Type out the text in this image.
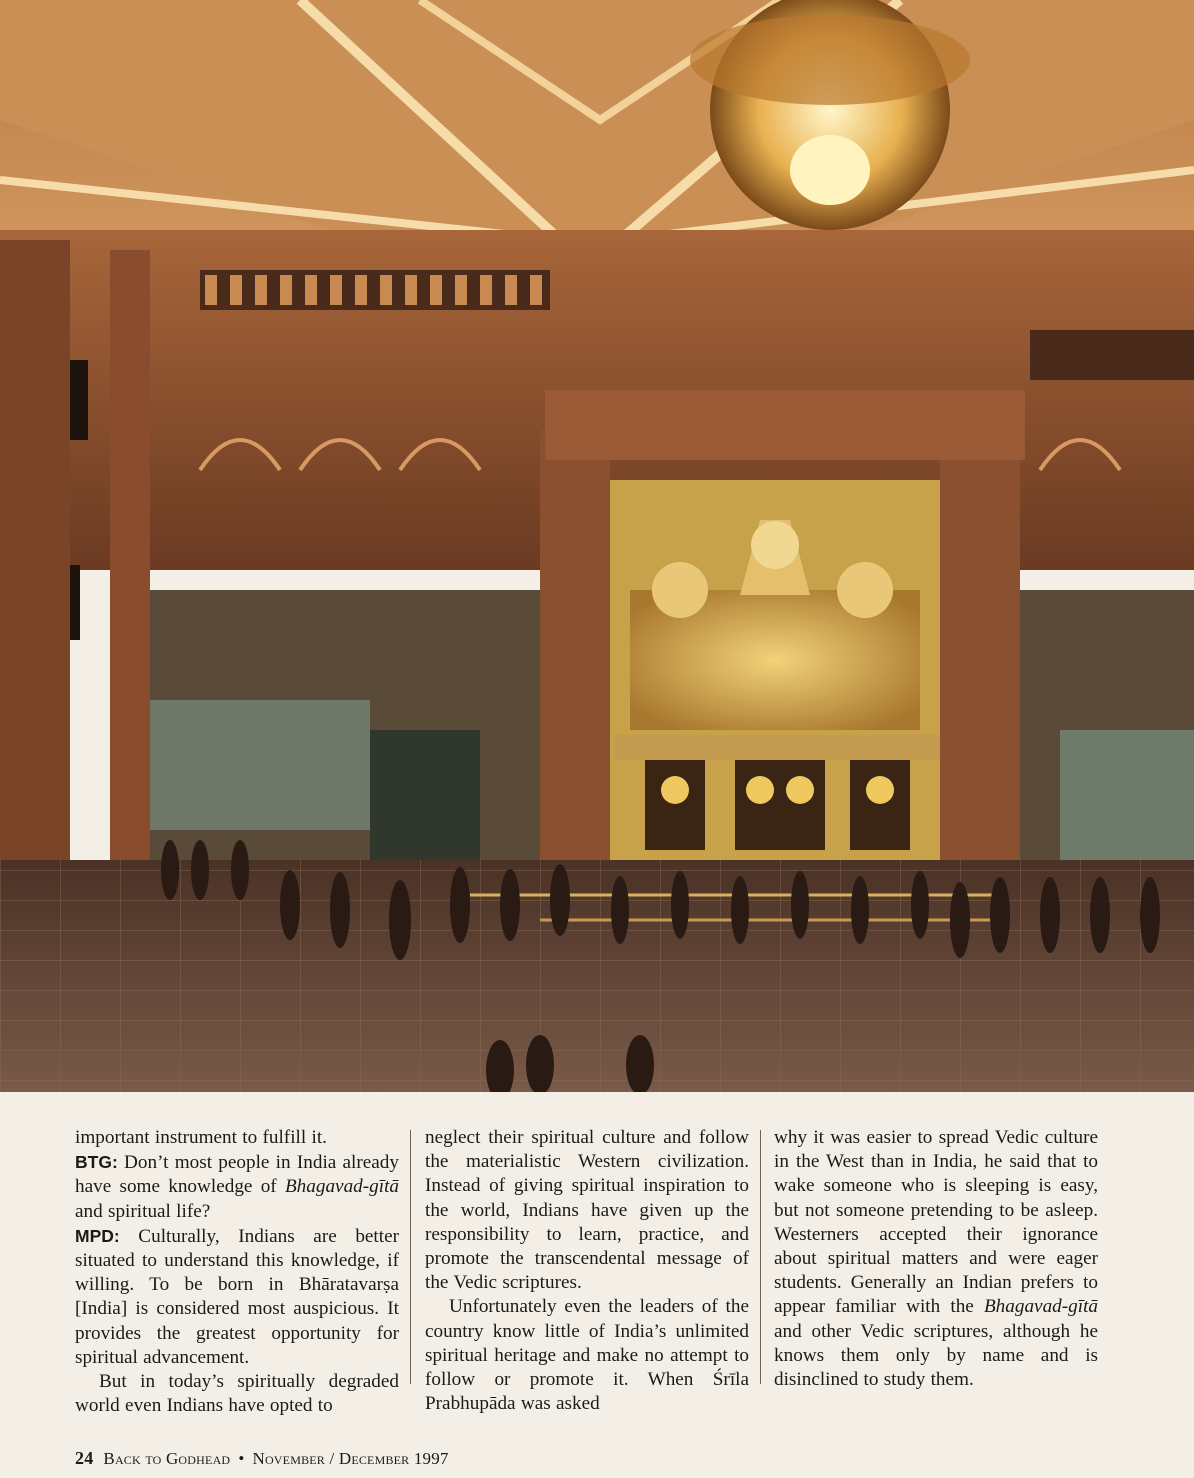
important instrument to fulfill it.

BTG: Don’t most people in India already have some knowledge of Bhagavad-gītā and spiritual life?

MPD: Culturally, Indians are better situated to understand this knowledge, if willing. To be born in Bhāratavarṣa [India] is considered most auspicious. It provides the greatest opportunity for spiritual advancement.

But in today’s spiritually degraded world even Indians have opted to

neglect their spiritual culture and follow the materialistic Western civilization. Instead of giving spiritual inspiration to the world, Indians have given up the responsibility to learn, practice, and promote the transcendental message of the Vedic scriptures.

Unfortunately even the leaders of the country know little of India’s unlimited spiritual heritage and make no attempt to follow or promote it. When Śrīla Prabhupāda was asked

why it was easier to spread Vedic culture in the West than in India, he said that to wake someone who is sleeping is easy, but not someone pretending to be asleep. Westerners accepted their ignorance about spiritual matters and were eager students. Generally an Indian prefers to appear familiar with the Bhagavad-gītā and other Vedic scriptures, although he knows them only by name and is disinclined to study them.

24 Back to Godhead • November / December 1997
